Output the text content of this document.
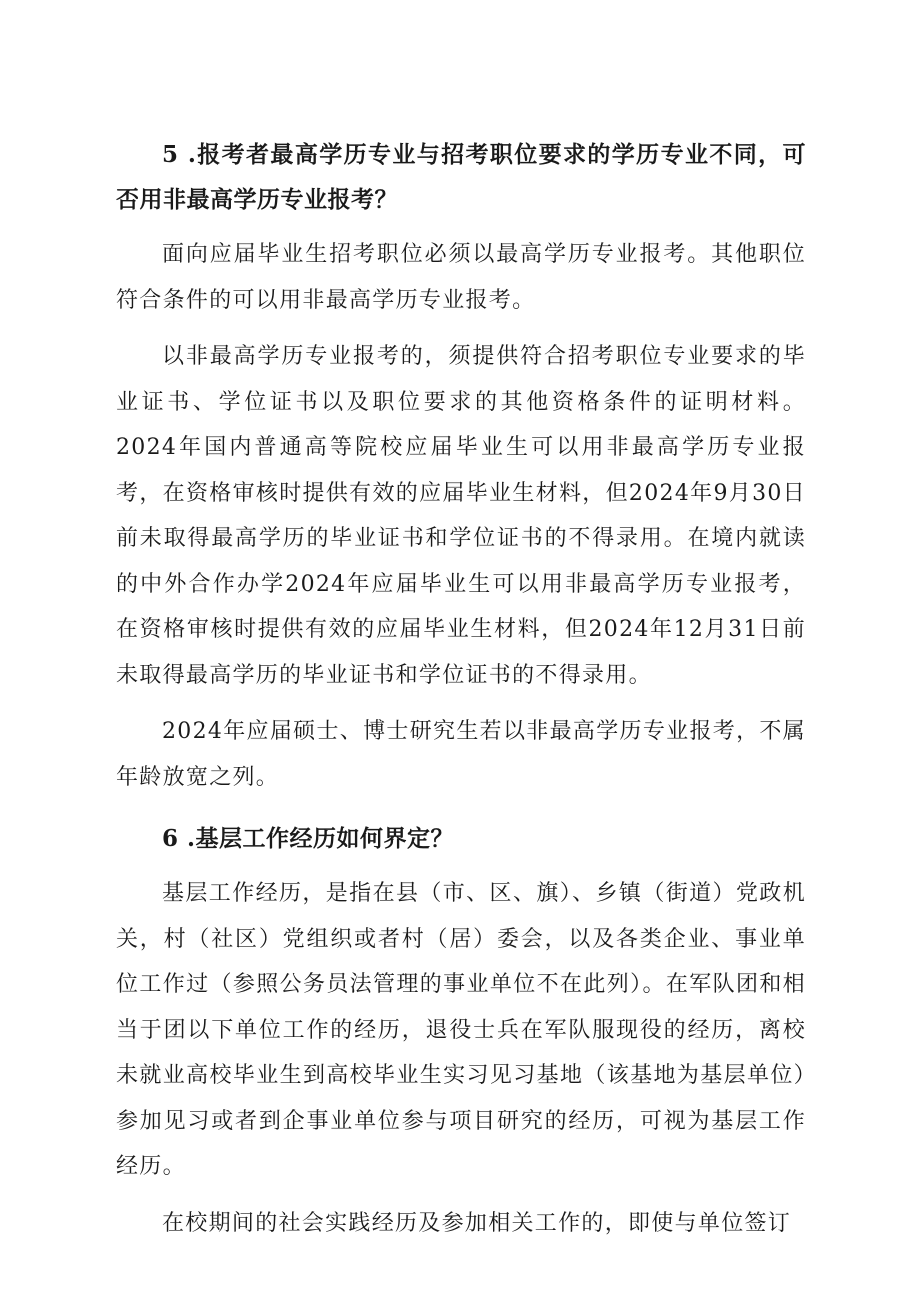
5 .报考者最高学历专业与招考职位要求的学历专业不同，可否用非最高学历专业报考？

面向应届毕业生招考职位必须以最高学历专业报考。其他职位符合条件的可以用非最高学历专业报考。

以非最高学历专业报考的，须提供符合招考职位专业要求的毕业证书、学位证书以及职位要求的其他资格条件的证明材料。2024年国内普通高等院校应届毕业生可以用非最高学历专业报考，在资格审核时提供有效的应届毕业生材料，但2024年9月30日前未取得最高学历的毕业证书和学位证书的不得录用。在境内就读的中外合作办学2024年应届毕业生可以用非最高学历专业报考，在资格审核时提供有效的应届毕业生材料，但2024年12月31日前未取得最高学历的毕业证书和学位证书的不得录用。

2024年应届硕士、博士研究生若以非最高学历专业报考，不属年龄放宽之列。

6 .基层工作经历如何界定？

基层工作经历，是指在县（市、区、旗）、乡镇（街道）党政机关，村（社区）党组织或者村（居）委会，以及各类企业、事业单位工作过（参照公务员法管理的事业单位不在此列）。在军队团和相当于团以下单位工作的经历，退役士兵在军队服现役的经历，离校未就业高校毕业生到高校毕业生实习见习基地（该基地为基层单位）参加见习或者到企事业单位参与项目研究的经历，可视为基层工作经历。

在校期间的社会实践经历及参加相关工作的，即使与单位签订
